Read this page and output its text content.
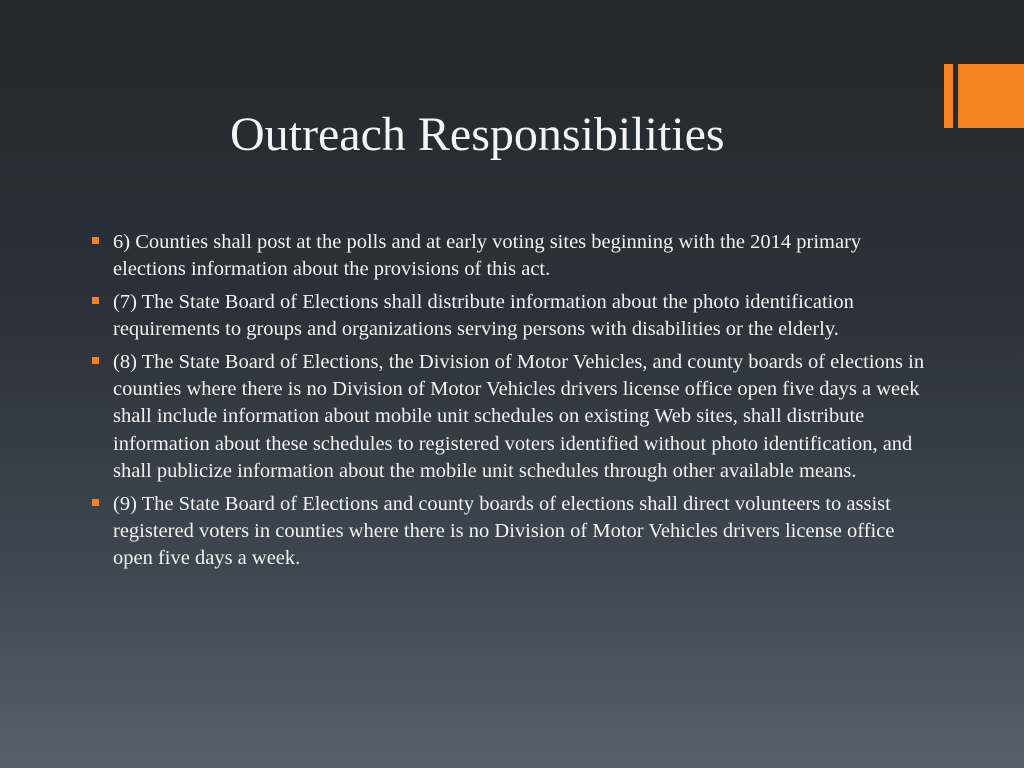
Outreach Responsibilities
6) Counties shall post at the polls and at early voting sites beginning with the 2014 primary elections information about the provisions of this act.
(7) The State Board of Elections shall distribute information about the photo identification requirements to groups and organizations serving persons with disabilities or the elderly.
(8) The State Board of Elections, the Division of Motor Vehicles, and county boards of elections in counties where there is no Division of Motor Vehicles drivers license office open five days a week shall include information about mobile unit schedules on existing Web sites, shall distribute information about these schedules to registered voters identified without photo identification, and shall publicize information about the mobile unit schedules through other available means.
(9) The State Board of Elections and county boards of elections shall direct volunteers to assist registered voters in counties where there is no Division of Motor Vehicles drivers license office open five days a week.
